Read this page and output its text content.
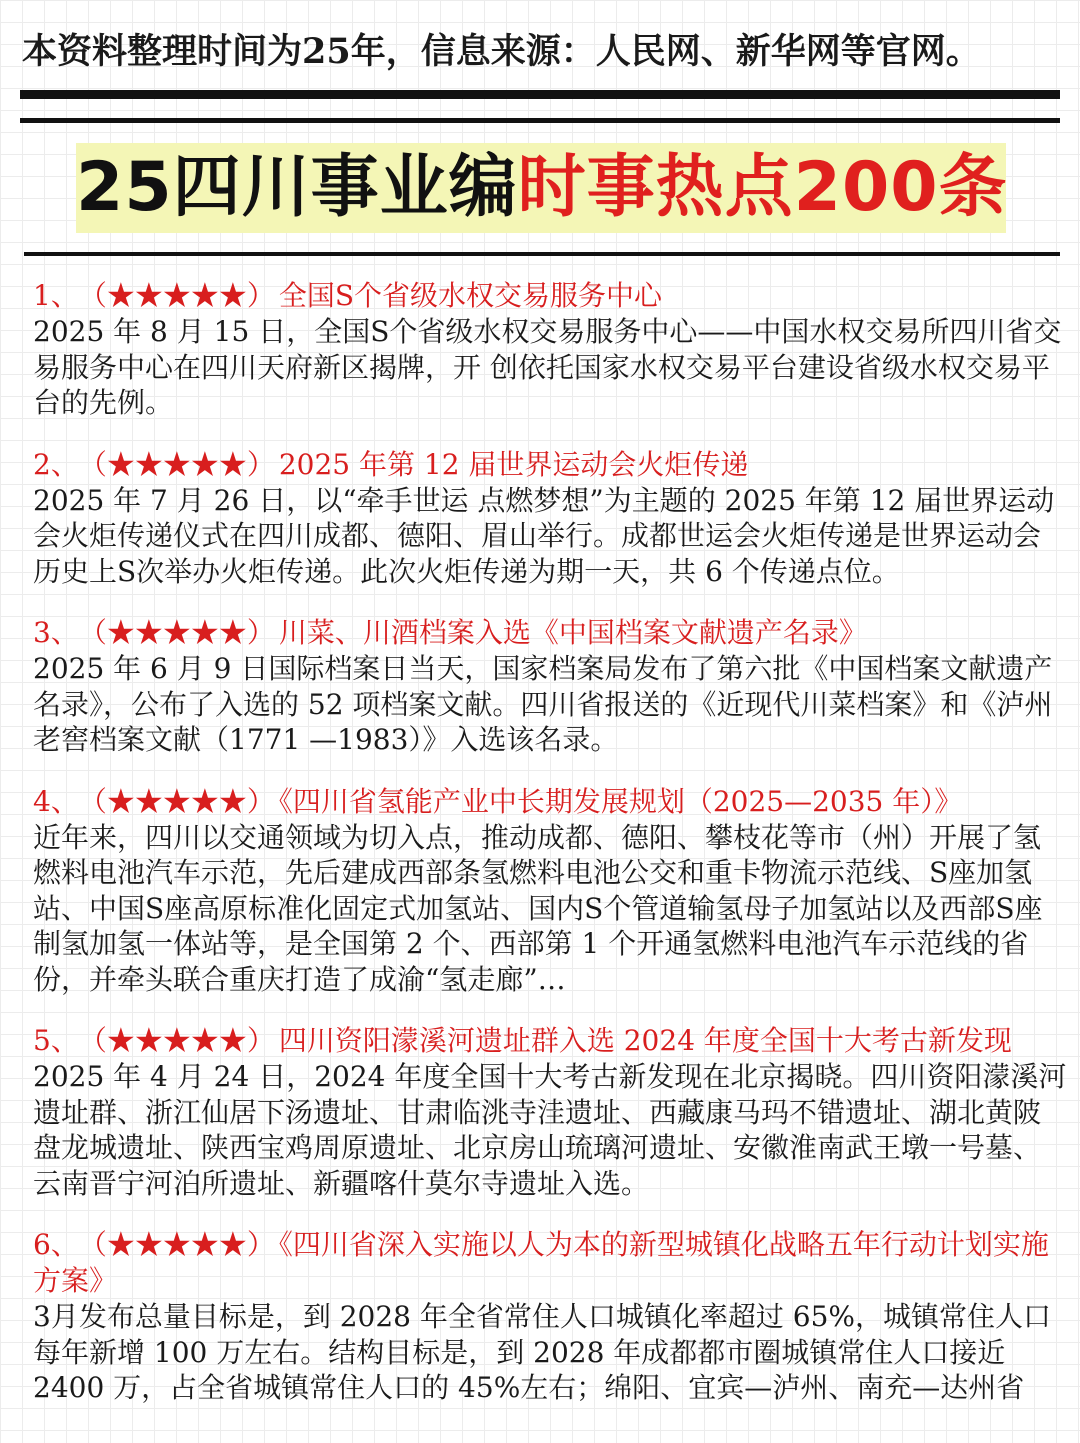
本资料整理时间为25年，信息来源：人民网、新华网等官网。
25四川事业编时事热点200条
1、 （★★★★★） 全国S个省级水权交易服务中心
2025 年 8 月 15 日，全国S个省级水权交易服务中心——中国水权交易所四川省交易服务中心在四川天府新区揭牌，开 创依托国家水权交易平台建设省级水权交易平台的先例。
2、 （★★★★★） 2025 年第 12 届世界运动会火炬传递
2025 年 7 月 26 日，以“牵手世运 点燃梦想”为主题的 2025 年第 12 届世界运动会火炬传递仪式在四川成都、德阳、眉山举行。成都世运会火炬传递是世界运动会历史上S次举办火炬传递。此次火炬传递为期一天，共 6 个传递点位。
3、 （★★★★★） 川菜、川酒档案入选《中国档案文献遗产名录》
2025 年 6 月 9 日国际档案日当天，国家档案局发布了第六批《中国档案文献遗产名录》，公布了入选的 52 项档案文献。四川省报送的《近现代川菜档案》和《泸州老窖档案文献（1771 —1983）》入选该名录。
4、 （★★★★★） 《四川省氢能产业中长期发展规划（2025—2035 年）》
近年来，四川以交通领域为切入点，推动成都、德阳、攀枝花等市（州）开展了氢燃料电池汽车示范，先后建成西部条氢燃料电池公交和重卡物流示范线、S座加氢站、中国S座高原标准化固定式加氢站、国内S个管道输氢母子加氢站以及西部S座制氢加氢一体站等，是全国第 2 个、西部第 1 个开通氢燃料电池汽车示范线的省份，并牵头联合重庆打造了成渝“氢走廊”…
5、 （★★★★★） 四川资阳濛溪河遗址群入选 2024 年度全国十大考古新发现
2025 年 4 月 24 日，2024 年度全国十大考古新发现在北京揭晓。四川资阳濛溪河遗址群、浙江仙居下汤遗址、甘肃临洮寺洼遗址、西藏康马玛不错遗址、湖北黄陂盘龙城遗址、陕西宝鸡周原遗址、北京房山琉璃河遗址、安徽淮南武王墩一号墓、云南晋宁河泊所遗址、新疆喀什莫尔寺遗址入选。
6、 （★★★★★） 《四川省深入实施以人为本的新型城镇化战略五年行动计划实施方案》
3月发布总量目标是，到 2028 年全省常住人口城镇化率超过 65%，城镇常住人口每年新增 100 万左右。结构目标是，到 2028 年成都都市圈城镇常住人口接近 2400 万，占全省城镇常住人口的 45%左右；绵阳、宜宾—泸州、南充—达州省
